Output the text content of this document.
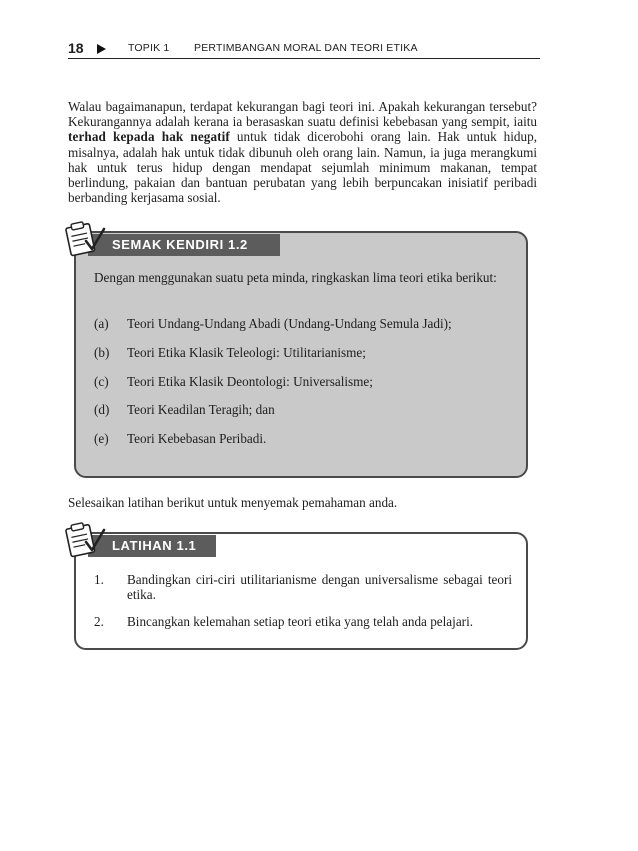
18	TOPIK 1 PERTIMBANGAN MORAL DAN TEORI ETIKA

Walau bagaimanapun, terdapat kekurangan bagi teori ini. Apakah kekurangan tersebut? Kekurangannya adalah kerana ia berasaskan suatu definisi kebebasan yang sempit, iaitu terhad kepada hak negatif untuk tidak dicerobohi orang lain. Hak untuk hidup, misalnya, adalah hak untuk tidak dibunuh oleh orang lain. Namun, ia juga merangkumi hak untuk terus hidup dengan mendapat sejumlah minimum makanan, tempat berlindung, pakaian dan bantuan perubatan yang lebih berpuncakan inisiatif peribadi berbanding kerjasama sosial.

SEMAK KENDIRI 1.2

Dengan menggunakan suatu peta minda, ringkaskan lima teori etika berikut:

(a) Teori Undang-Undang Abadi (Undang-Undang Semula Jadi);
(b) Teori Etika Klasik Teleologi: Utilitarianisme;
(c) Teori Etika Klasik Deontologi: Universalisme;
(d) Teori Keadilan Teragih; dan
(e) Teori Kebebasan Peribadi.
Selesaikan latihan berikut untuk menyemak pemahaman anda.
LATIHAN 1.1
1. Bandingkan ciri-ciri utilitarianisme dengan universalisme sebagai teori etika.

2. Bincangkan kelemahan setiap teori etika yang telah anda pelajari.
